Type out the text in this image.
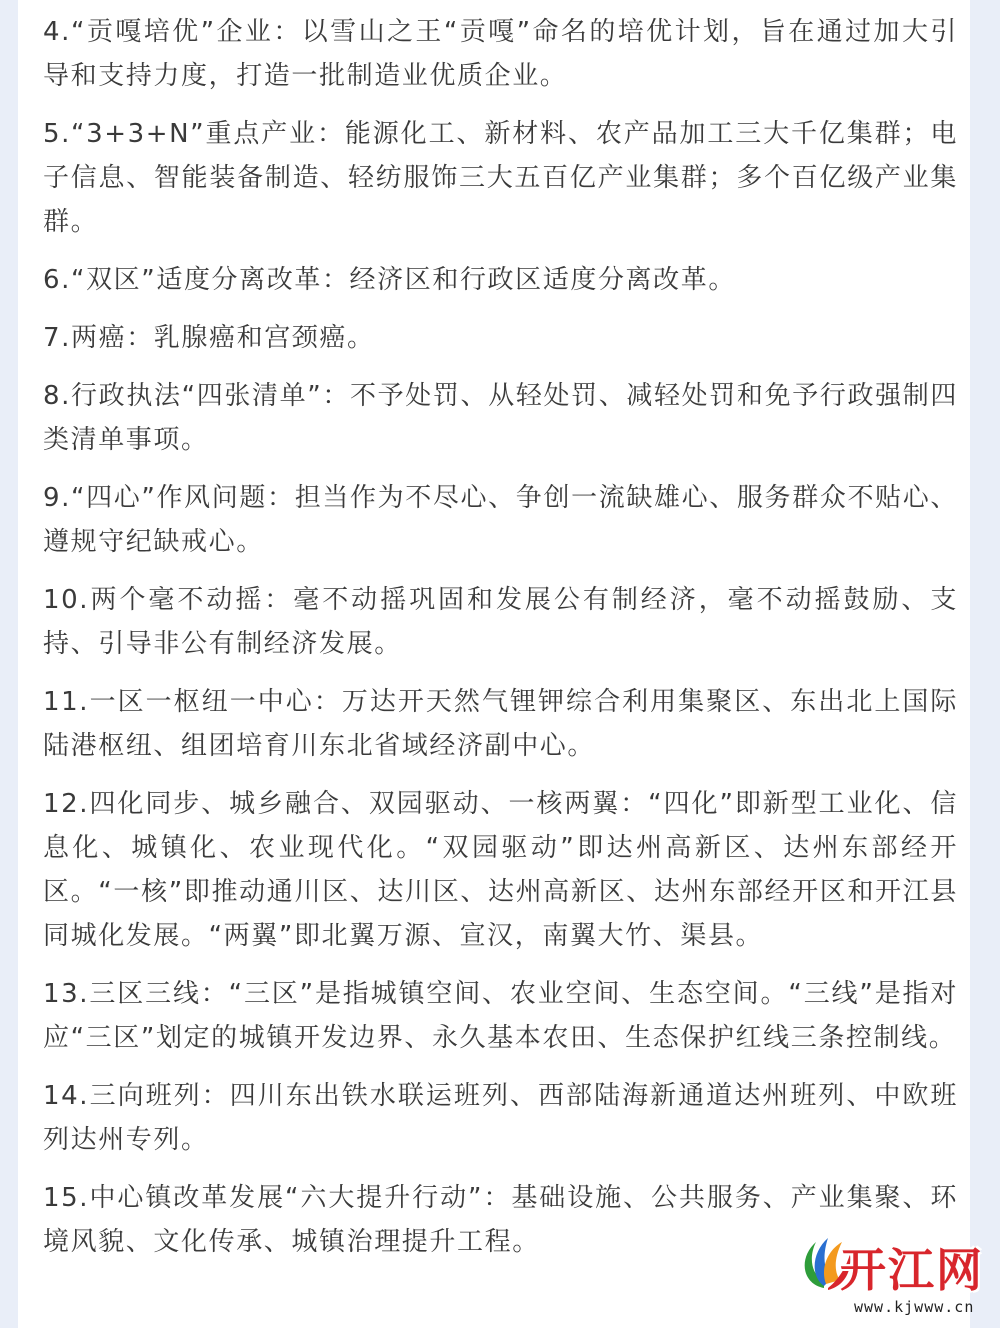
4.“贡嘎培优”企业：以雪山之王“贡嘎”命名的培优计划，旨在通过加大引导和支持力度，打造一批制造业优质企业。

5.“3+3+N”重点产业：能源化工、新材料、农产品加工三大千亿集群；电子信息、智能装备制造、轻纺服饰三大五百亿产业集群；多个百亿级产业集群。

6.“双区”适度分离改革：经济区和行政区适度分离改革。

7.两癌：乳腺癌和宫颈癌。

8.行政执法“四张清单”：不予处罚、从轻处罚、减轻处罚和免予行政强制四类清单事项。

9.“四心”作风问题：担当作为不尽心、争创一流缺雄心、服务群众不贴心、遵规守纪缺戒心。

10.两个毫不动摇：毫不动摇巩固和发展公有制经济，毫不动摇鼓励、支持、引导非公有制经济发展。

11.一区一枢纽一中心：万达开天然气锂钾综合利用集聚区、东出北上国际陆港枢纽、组团培育川东北省域经济副中心。

12.四化同步、城乡融合、双园驱动、一核两翼：“四化”即新型工业化、信息化、城镇化、农业现代化。“双园驱动”即达州高新区、达州东部经开区。“一核”即推动通川区、达川区、达州高新区、达州东部经开区和开江县同城化发展。“两翼”即北翼万源、宣汉，南翼大竹、渠县。

13.三区三线：“三区”是指城镇空间、农业空间、生态空间。“三线”是指对应“三区”划定的城镇开发边界、永久基本农田、生态保护红线三条控制线。

14.三向班列：四川东出铁水联运班列、西部陆海新通道达州班列、中欧班列达州专列。

15.中心镇改革发展“六大提升行动”：基础设施、公共服务、产业集聚、环境风貌、文化传承、城镇治理提升工程。

开江网
www.kjwww.cn
